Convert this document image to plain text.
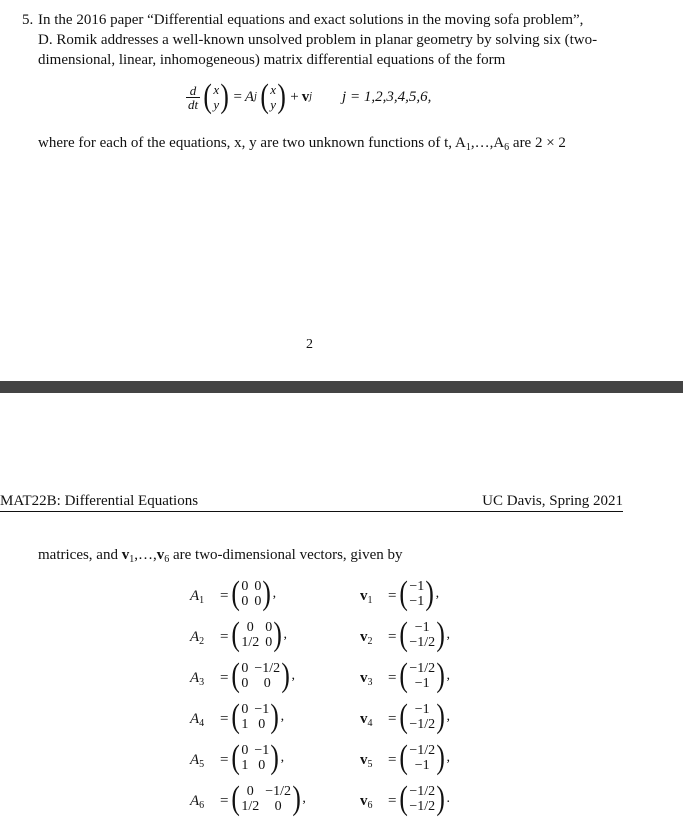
5. In the 2016 paper “Differential equations and exact solutions in the moving sofa problem”,
D. Romik addresses a well-known unsolved problem in planar geometry by solving six (two-
dimensional, linear, inhomogeneous) matrix differential equations of the form
d
dt ( x
y ) = A j ( x
y ) + v j j = 1,2,3,4,5,6,
where for each of the equations, x, y are two unknown functions of t, $A_1,\dots,A_6$ are 2 × 2
2
MAT22B: Differential Equations	UC Davis, Spring 2021
matrices, and $v_1,\dots,v_6$ are two-dimensional vectors, given by
$A_1$ = ( 0 0
0 0 ) ,	$v_1$ = ( −1
−1 ) ,
$A_2$ = ( 0 0
1/2 0 ) ,	$v_2$ = ( −1
−1/2 ) ,
$A_3$ = ( 0 −1/2
0	0 ) ,	$v_3$ = ( −1/2
−1 ) ,
$A_4$ = ( 0 −1
1 0 ) ,	$v_4$ = ( −1
−1/2 ) ,
$A_5$ = ( 0 −1
1 0 ) ,	$v_5$ = ( −1/2
−1 ) ,
$A_6$ = ( 0 −1/2
1/2	0 ) ,	$v_6$ = ( −1/2
−1/2 ) .
